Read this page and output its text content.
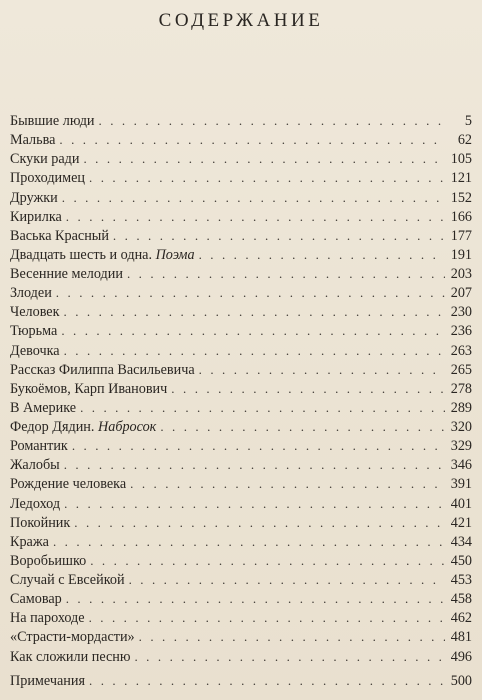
СОДЕРЖАНИЕ
Бывшие люди . . .	5
Мальва . . .	62
Скуки ради . . .	105
Проходимец . . .	121
Дружки . . .	152
Кирилка . . .	166
Васька Красный . . .	177
Двадцать шесть и одна. Поэма . . .	191
Весенние мелодии . . .	203
Злодеи . . .	207
Человек . . .	230
Тюрьма . . .	236
Девочка . . .	263
Рассказ Филиппа Васильевича . . .	265
Букоёмов, Карп Иванович . . .	278
В Америке . . .	289
Федор Дядин. Набросок . . .	320
Романтик . . .	329
Жалобы . . .	346
Рождение человека . . .	391
Ледоход . . .	401
Покойник . . .	421
Кража . . .	434
Воробьишко . . .	450
Случай с Евсейкой . . .	453
Самовар . . .	458
На пароходе . . .	462
«Страсти-мордасти» . . .	481
Как сложили песню . . .	496
Примечания . . .	500
